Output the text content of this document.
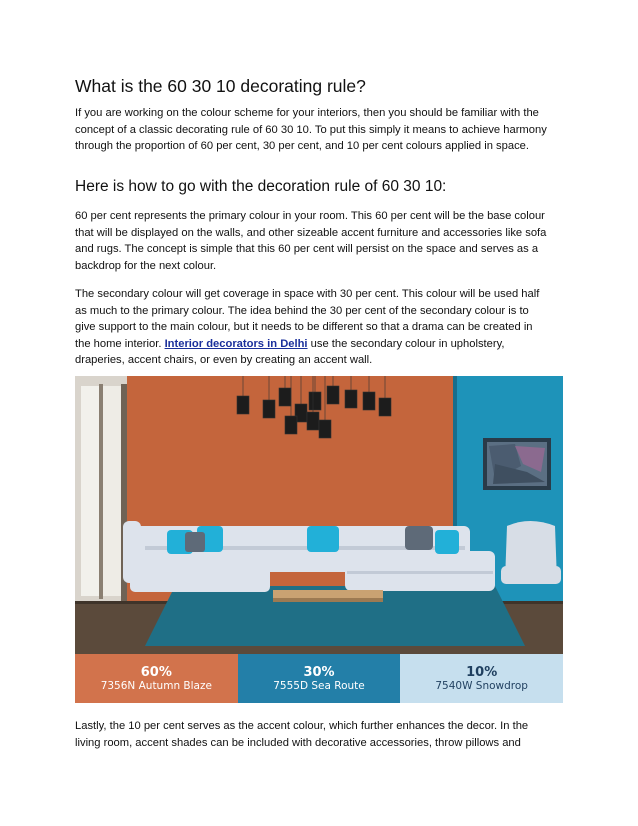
What is the 60 30 10 decorating rule?

If you are working on the colour scheme for your interiors, then you should be familiar with the
concept of a classic decorating rule of 60 30 10. To put this simply it means to achieve harmony
through the proportion of 60 per cent, 30 per cent, and 10 per cent colours applied in space.

Here is how to go with the decoration rule of 60 30 10:

60 per cent represents the primary colour in your room. This 60 per cent will be the base colour
that will be displayed on the walls, and other sizeable accent furniture and accessories like sofa
and rugs. The concept is simple that this 60 per cent will persist on the space and serves as a
backdrop for the next colour.

The secondary colour will get coverage in space with 30 per cent. This colour will be used half
as much to the primary colour. The idea behind the 30 per cent of the secondary colour is to
give support to the main colour, but it needs to be different so that a drama can be created in
the home interior. Interior decorators in Delhi use the secondary colour in upholstery,
draperies, accent chairs, or even by creating an accent wall.

60%
7356N Autumn Blaze
30%
7555D Sea Route
10%
7540W Snowdrop

Lastly, the 10 per cent serves as the accent colour, which further enhances the decor. In the
living room, accent shades can be included with decorative accessories, throw pillows and
